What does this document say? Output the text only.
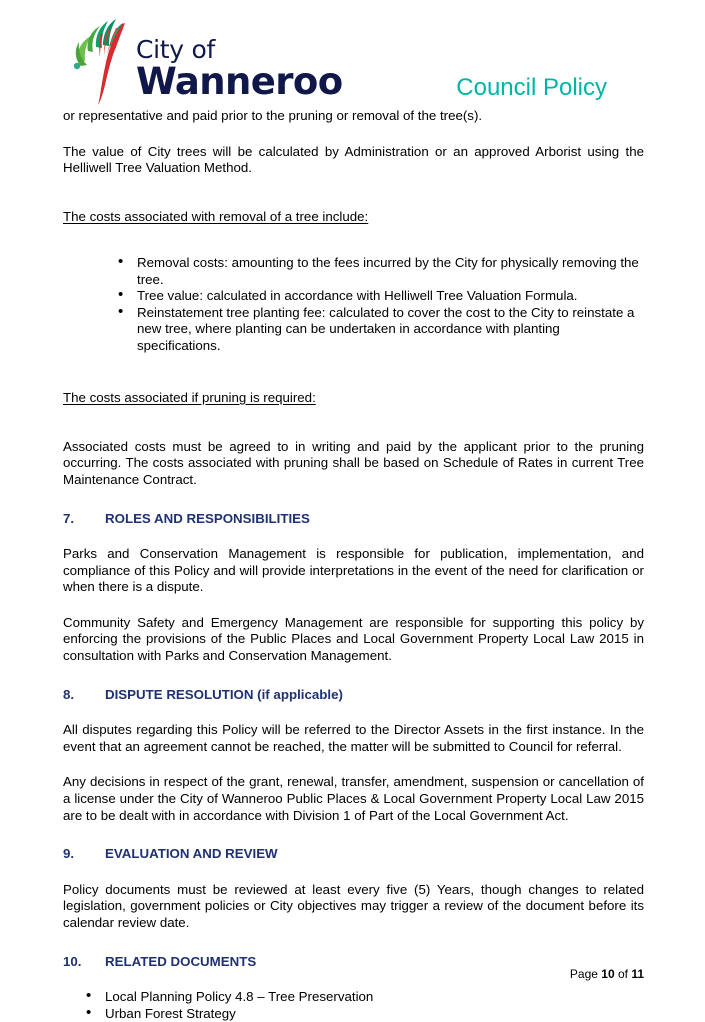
City of
Wanneroo	Council Policy

or representative and paid prior to the pruning or removal of the tree(s).

The value of City trees will be calculated by Administration or an approved Arborist using the Helliwell Tree Valuation Method.

The costs associated with removal of a tree include:

• Removal costs: amounting to the fees incurred by the City for physically removing the tree.
• Tree value: calculated in accordance with Helliwell Tree Valuation Formula.
• Reinstatement tree planting fee: calculated to cover the cost to the City to reinstate a new tree, where planting can be undertaken in accordance with planting specifications.

The costs associated if pruning is required:

Associated costs must be agreed to in writing and paid by the applicant prior to the pruning occurring. The costs associated with pruning shall be based on Schedule of Rates in current Tree Maintenance Contract.

7.	ROLES AND RESPONSIBILITIES

Parks and Conservation Management is responsible for publication, implementation, and compliance of this Policy and will provide interpretations in the event of the need for clarification or when there is a dispute.

Community Safety and Emergency Management are responsible for supporting this policy by enforcing the provisions of the Public Places and Local Government Property Local Law 2015 in consultation with Parks and Conservation Management.

8.	DISPUTE RESOLUTION (if applicable)

All disputes regarding this Policy will be referred to the Director Assets in the first instance. In the event that an agreement cannot be reached, the matter will be submitted to Council for referral.

Any decisions in respect of the grant, renewal, transfer, amendment, suspension or cancellation of a license under the City of Wanneroo Public Places & Local Government Property Local Law 2015 are to be dealt with in accordance with Division 1 of Part of the Local Government Act.

9.	EVALUATION AND REVIEW

Policy documents must be reviewed at least every five (5) Years, though changes to related legislation, government policies or City objectives may trigger a review of the document before its calendar review date.

10.	RELATED DOCUMENTS
• Local Planning Policy 4.8 – Tree Preservation
• Urban Forest Strategy
Page 10 of 11
